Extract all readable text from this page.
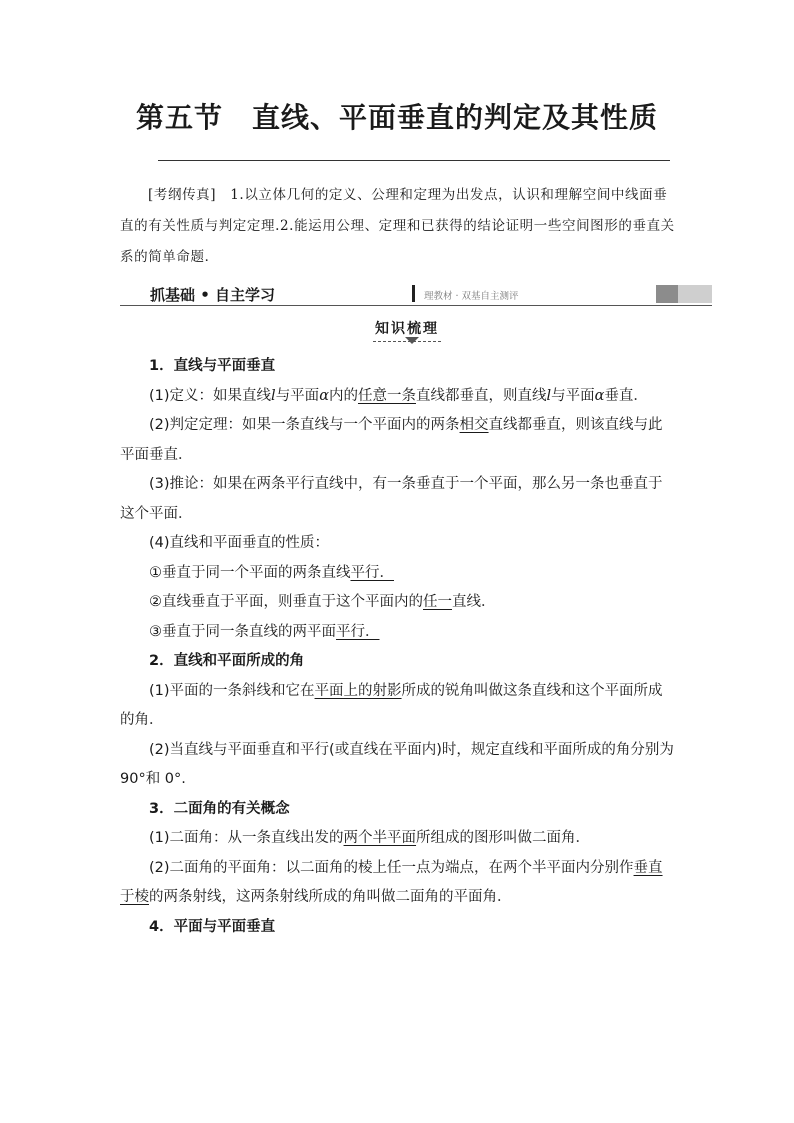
第五节　直线、平面垂直的判定及其性质
[考纲传真]　1.以立体几何的定义、公理和定理为出发点，认识和理解空间中线面垂直的有关性质与判定定理.2.能运用公理、定理和已获得的结论证明一些空间图形的垂直关系的简单命题．
抓基础 • 自主学习	理教材 · 双基自主测评
知识梳理

1．直线与平面垂直

(1)定义：如果直线l与平面α内的任意一条直线都垂直，则直线l与平面α垂直．

(2)判定定理：如果一条直线与一个平面内的两条相交直线都垂直，则该直线与此平面垂直．

(3)推论：如果在两条平行直线中，有一条垂直于一个平面，那么另一条也垂直于这个平面．

(4)直线和平面垂直的性质：

①垂直于同一个平面的两条直线平行．

②直线垂直于平面，则垂直于这个平面内的任一直线．

③垂直于同一条直线的两平面平行．

2．直线和平面所成的角

(1)平面的一条斜线和它在平面上的射影所成的锐角叫做这条直线和这个平面所成的角．

(2)当直线与平面垂直和平行(或直线在平面内)时，规定直线和平面所成的角分别为 90°和 0°.

3．二面角的有关概念

(1)二面角：从一条直线出发的两个半平面所组成的图形叫做二面角．

(2)二面角的平面角：以二面角的棱上任一点为端点，在两个半平面内分别作垂直于棱的两条射线，这两条射线所成的角叫做二面角的平面角．

4．平面与平面垂直
